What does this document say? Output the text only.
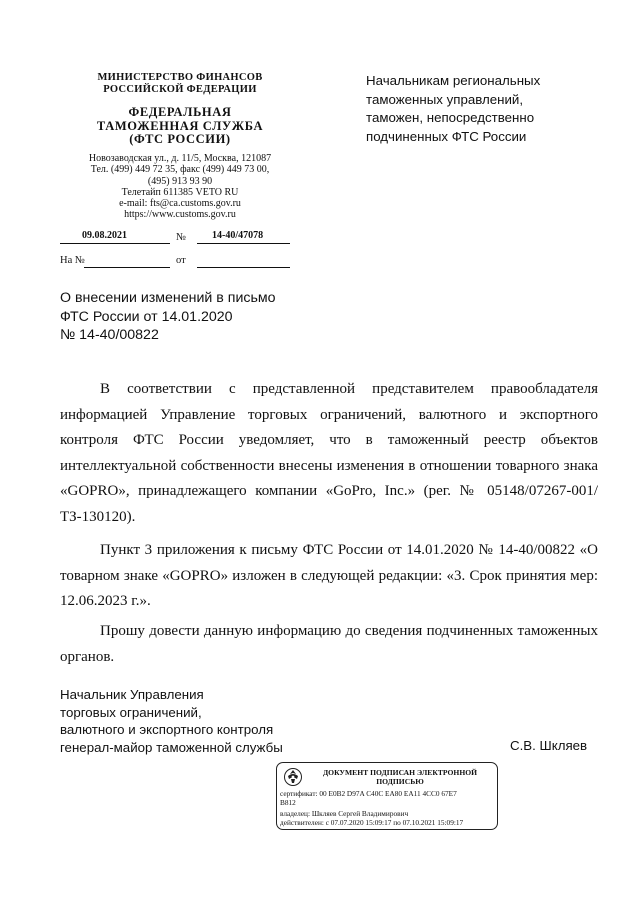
МИНИСТЕРСТВО ФИНАНСОВ
РОССИЙСКОЙ ФЕДЕРАЦИИ
ФЕДЕРАЛЬНАЯ
ТАМОЖЕННАЯ СЛУЖБА
(ФТС РОССИИ)
Новозаводская ул., д. 11/5, Москва, 121087
Тел. (499) 449 72 35, факс (499) 449 73 00,
(495) 913 93 90
Телетайп 611385 VETO RU
e-mail: fts@ca.customs.gov.ru
https://www.customs.gov.ru
09.08.2021	№	14-40/47078
На №	от
Начальникам региональных
таможенных управлений,
таможен, непосредственно
подчиненных ФТС России
О внесении изменений в письмо
ФТС России от 14.01.2020
№ 14-40/00822
В соответствии с представленной представителем правообладателя информацией Управление торговых ограничений, валютного и экспортного контроля ФТС России уведомляет, что в таможенный реестр объектов интеллектуальной собственности внесены изменения в отношении товарного знака «GOPRO», принадлежащего компании «GoPro, Inc.» (рег. № 05148/07267-001/ТЗ-130120).
Пункт 3 приложения к письму ФТС России от 14.01.2020 № 14-40/00822 «О товарном знаке «GOPRO» изложен в следующей редакции: «3. Срок принятия мер: 12.06.2023 г.».
Прошу довести данную информацию до сведения подчиненных таможенных органов.
Начальник Управления
торговых ограничений,
валютного и экспортного контроля
генерал-майор таможенной службы	С.В. Шкляев
ДОКУМЕНТ ПОДПИСАН ЭЛЕКТРОННОЙ
ПОДПИСЬЮ
сертификат: 00 E0B2 D97A C40C EA80 EA11 4CC0 67E7
B812
владелец: Шкляев Сергей Владимирович
действителен: с 07.07.2020 15:09:17 по 07.10.2021 15:09:17
